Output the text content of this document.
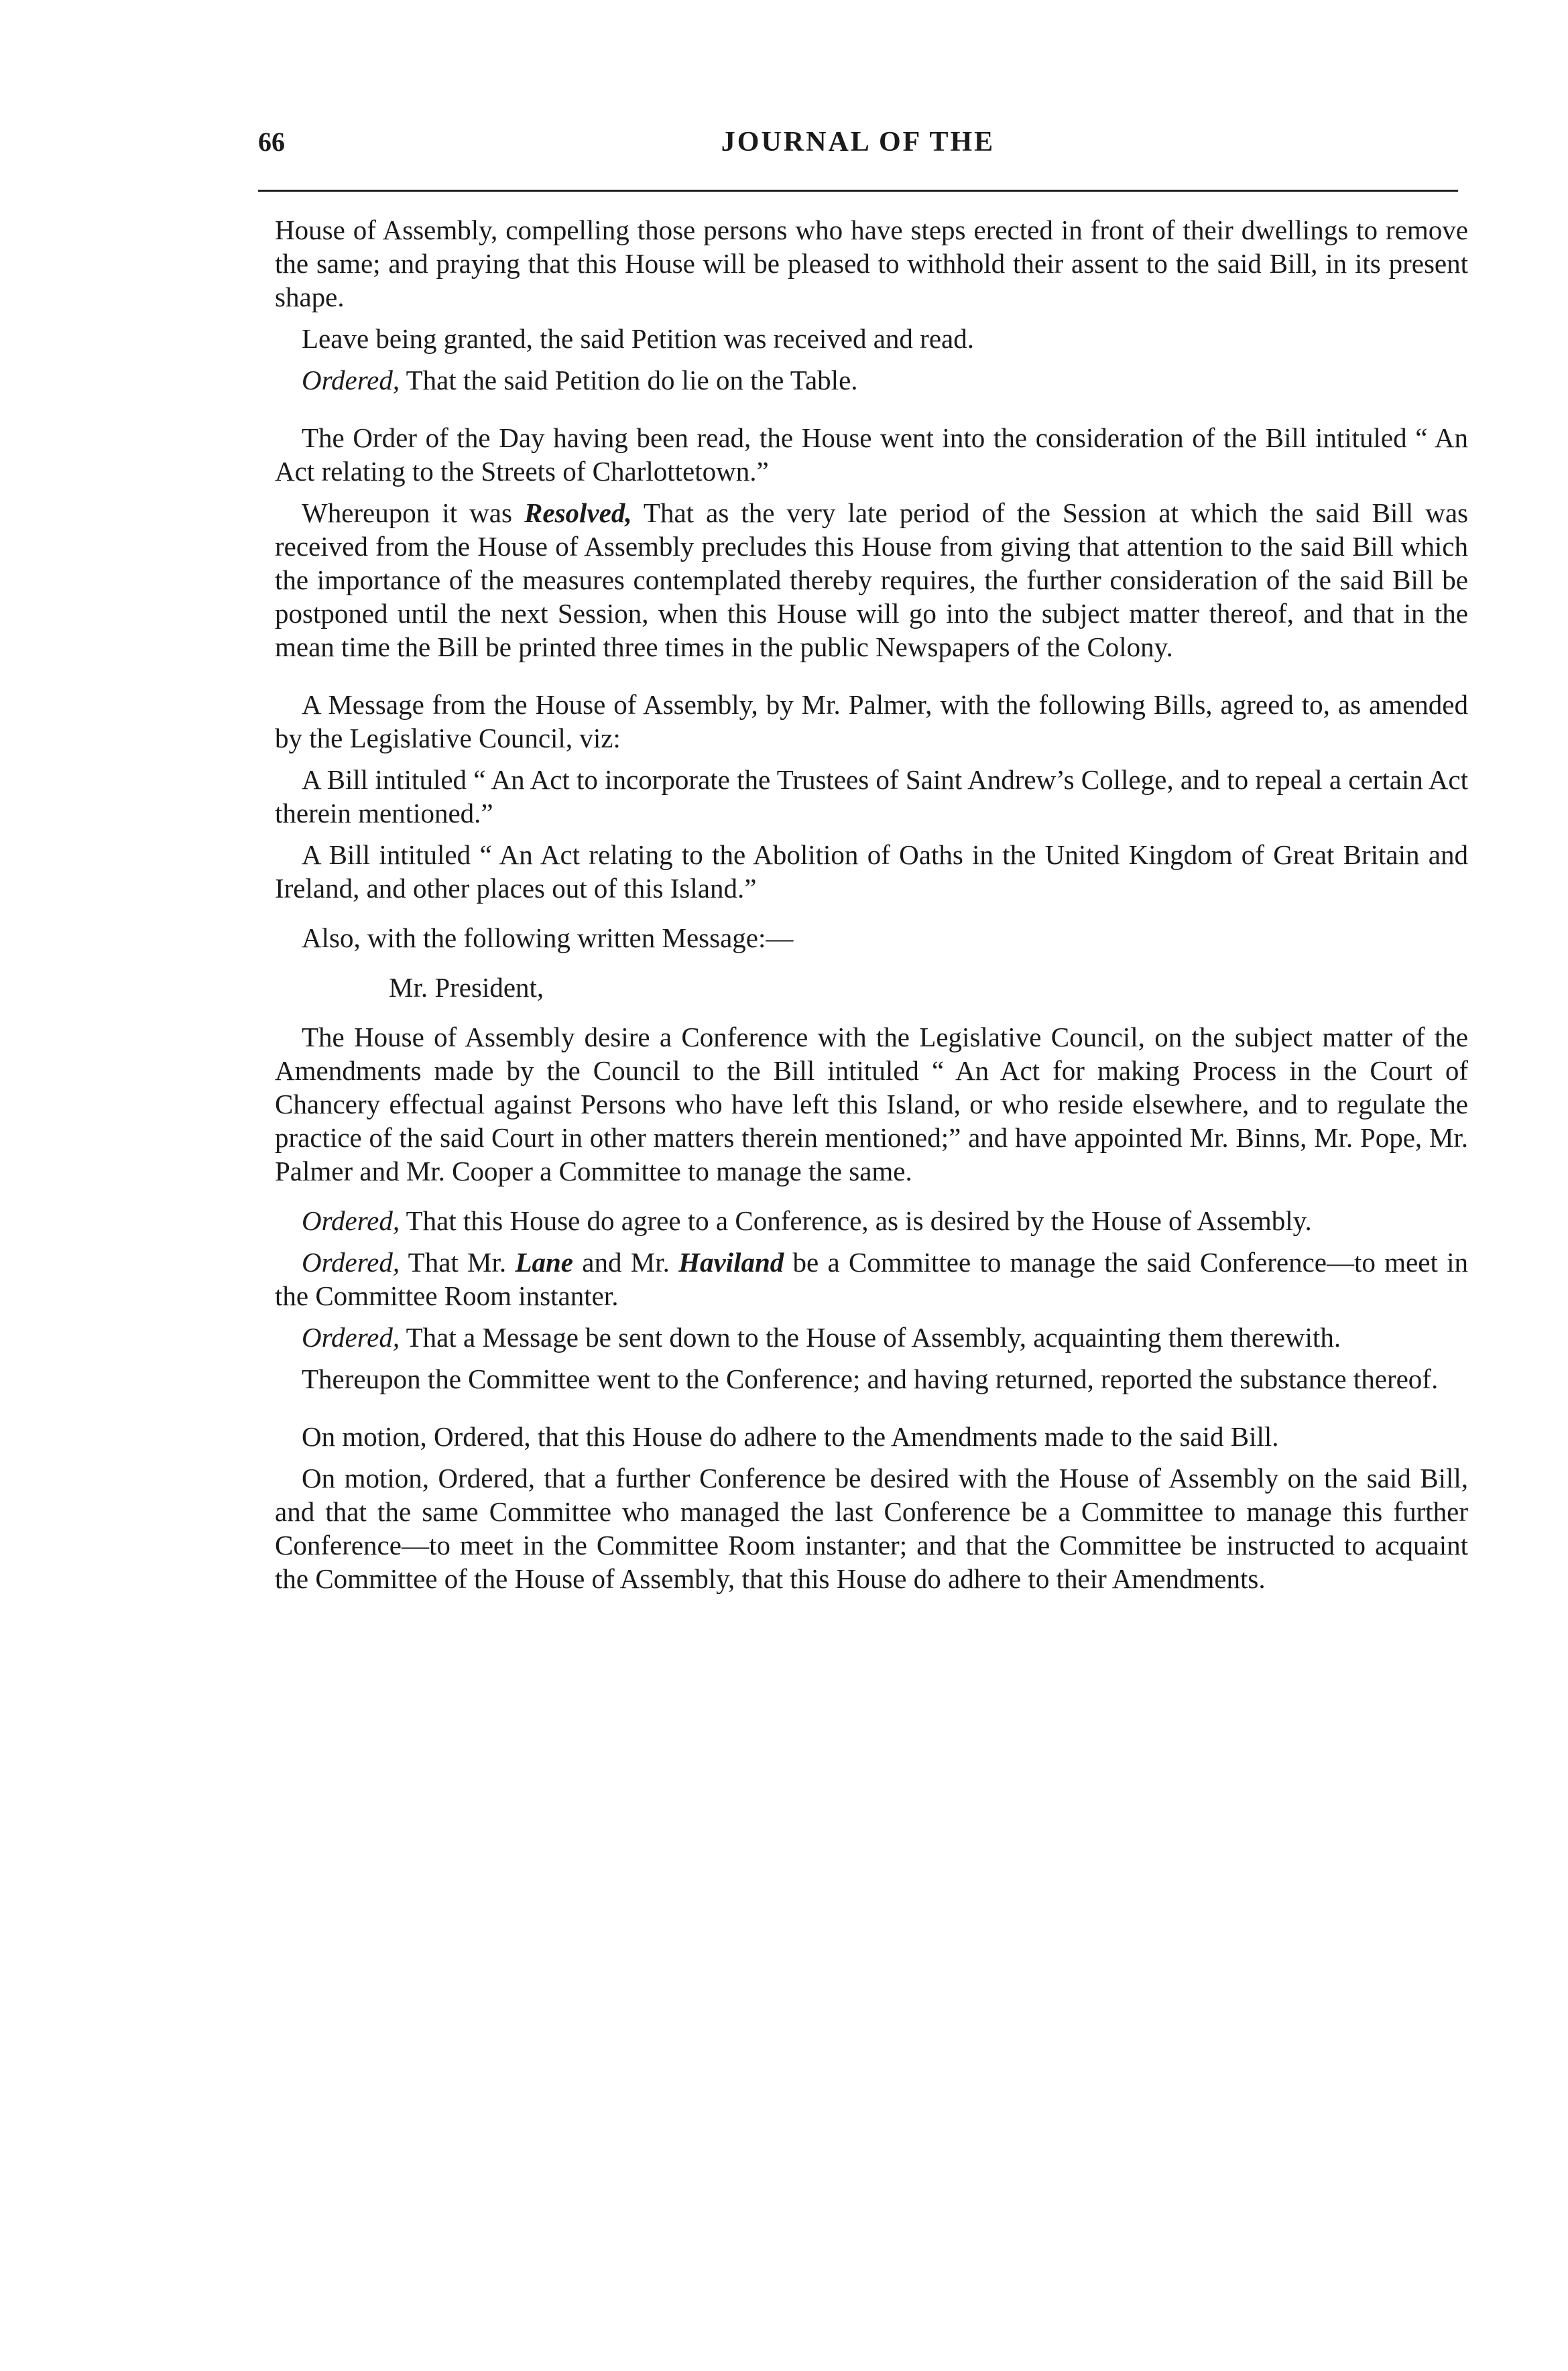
66	JOURNAL OF THE

House of Assembly, compelling those persons who have steps erected in front of their dwellings to remove the same; and praying that this House will be pleased to withhold their assent to the said Bill, in its present shape.

Leave being granted, the said Petition was received and read.

Ordered, That the said Petition do lie on the Table.

The Order of the Day having been read, the House went into the consideration of the Bill intituled “ An Act relating to the Streets of Charlottetown.”

Whereupon it was Resolved, That as the very late period of the Session at which the said Bill was received from the House of Assembly precludes this House from giving that attention to the said Bill which the importance of the measures contemplated thereby requires, the further consideration of the said Bill be postponed until the next Session, when this House will go into the subject matter thereof, and that in the mean time the Bill be printed three times in the public Newspapers of the Colony.

A Message from the House of Assembly, by Mr. Palmer, with the following Bills, agreed to, as amended by the Legislative Council, viz:

A Bill intituled “ An Act to incorporate the Trustees of Saint Andrew’s College, and to repeal a certain Act therein mentioned.”

A Bill intituled “ An Act relating to the Abolition of Oaths in the United Kingdom of Great Britain and Ireland, and other places out of this Island.”

Also, with the following written Message:—

Mr. President,

The House of Assembly desire a Conference with the Legislative Council, on the subject matter of the Amendments made by the Council to the Bill intituled “ An Act for making Process in the Court of Chancery effectual against Persons who have left this Island, or who reside elsewhere, and to regulate the practice of the said Court in other matters therein mentioned;” and have appointed Mr. Binns, Mr. Pope, Mr. Palmer and Mr. Cooper a Committee to manage the same.

Ordered, That this House do agree to a Conference, as is desired by the House of Assembly.

Ordered, That Mr. Lane and Mr. Haviland be a Committee to manage the said Conference—to meet in the Committee Room instanter.

Ordered, That a Message be sent down to the House of Assembly, acquainting them therewith.

Thereupon the Committee went to the Conference; and having returned, reported the substance thereof.

On motion, Ordered, that this House do adhere to the Amendments made to the said Bill.

On motion, Ordered, that a further Conference be desired with the House of Assembly on the said Bill, and that the same Committee who managed the last Conference be a Committee to manage this further Conference—to meet in the Committee Room instanter; and that the Committee be instructed to acquaint the Committee of the House of Assembly, that this House do adhere to their Amendments.
